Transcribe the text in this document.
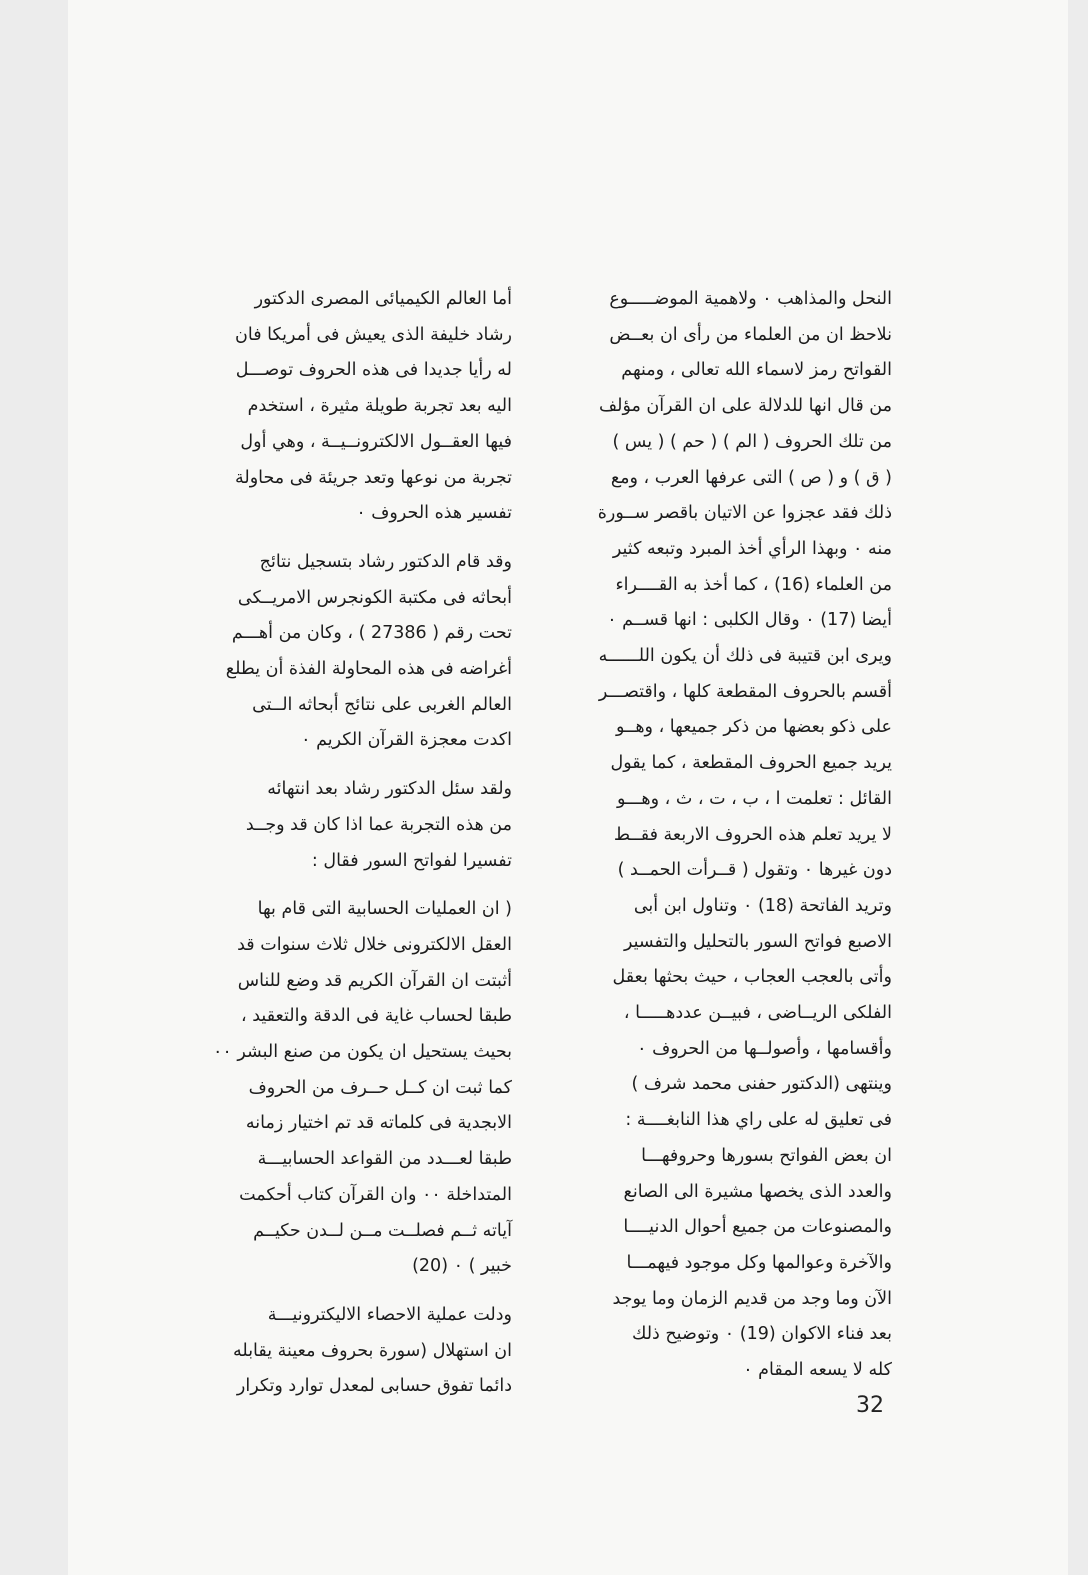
النحل والمذاهب ٠ ولاهمية الموضـــــوع
نلاحظ ان من العلماء من رأى ان بعــض
القواتح رمز لاسماء الله تعالى ، ومنهم
من قال انها للدلالة على ان القرآن مؤلف
من تلك الحروف ( الم ) ( حم ) ( يس )
( ق ) و ( ص ) التى عرفها العرب ، ومع
ذلك فقد عجزوا عن الاتيان باقصر ســورة
منه ٠ وبهذا الرأي أخذ المبرد وتبعه كثير
من العلماء (16) ، كما أخذ به القــــراء
أيضا (17) ٠ وقال الكلبى : انها قســم ٠
ويرى ابن قتيبة فى ذلك أن يكون اللــــــه
أقسم بالحروف المقطعة كلها ، واقتصـــر
على ذكو بعضها من ذكر جميعها ، وهــو
يريد جميع الحروف المقطعة ، كما يقول
القائل : تعلمت ا ، ب ، ت ، ث ، وهـــو
لا يريد تعلم هذه الحروف الاربعة فقــط
دون غيرها ٠ وتقول ( قــرأت الحمــد )
وتريد الفاتحة (18) ٠ وتناول ابن أبى
الاصبع فواتح السور بالتحليل والتفسير
وأتى بالعجب العجاب ، حيث بحثها بعقل
الفلكى الريــاضى ، فبيــن عددهـــــا ،
وأقسامها ، وأصولــها من الحروف ٠
وينتهى (الدكتور حفنى محمد شرف )
فى تعليق له على راي هذا النابغــــة :
ان بعض الفواتح بسورها وحروفهـــا
والعدد الذى يخصها مشيرة الى الصانع
والمصنوعات من جميع أحوال الدنيــــا
والآخرة وعوالمها وكل موجود فيهمـــا
الآن وما وجد من قديم الزمان وما يوجد
بعد فناء الاكوان (19) ٠ وتوضيح ذلك
كله لا يسعه المقام ٠
أما العالم الكيميائى المصرى الدكتور
رشاد خليفة الذى يعيش فى أمريكا فان
له رأيا جديدا فى هذه الحروف توصـــل
اليه بعد تجربة طويلة مثيرة ، استخدم
فيها العقــول الالكترونــيــة ، وهي أول
تجربة من نوعها وتعد جريئة فى محاولة
تفسير هذه الحروف ٠
وقد قام الدكتور رشاد بتسجيل نتائج
أبحاثه فى مكتبة الكونجرس الامريــكى
تحت رقم ( 27386 ) ، وكان من أهـــم
أغراضه فى هذه المحاولة الفذة أن يطلع
العالم الغربى على نتائج أبحاثه الــتى
اكدت معجزة القرآن الكريم ٠
ولقد سئل الدكتور رشاد بعد انتهائه
من هذه التجربة عما اذا كان قد وجــد
تفسيرا لفواتح السور فقال :
( ان العمليات الحسابية التى قام بها
العقل الالكترونى خلال ثلاث سنوات قد
أثبتت ان القرآن الكريم قد وضع للناس
طبقا لحساب غاية فى الدقة والتعقيد ،
بحيث يستحيل ان يكون من صنع البشر ٠٠
كما ثبت ان كــل حــرف من الحروف
الابجدية فى كلماته قد تم اختيار زمانه
طبقا لعـــدد من القواعد الحسابيـــة
المتداخلة ٠٠ وان القرآن كتاب أحكمت
آياته ثــم فصلــت مــن لــدن حكيــم
خبير ) ٠ (20)
ودلت عملية الاحصاء الاليكترونيـــة
ان استهلال (سورة بحروف معينة يقابله
دائما تفوق حسابى لمعدل توارد وتكرار
32
